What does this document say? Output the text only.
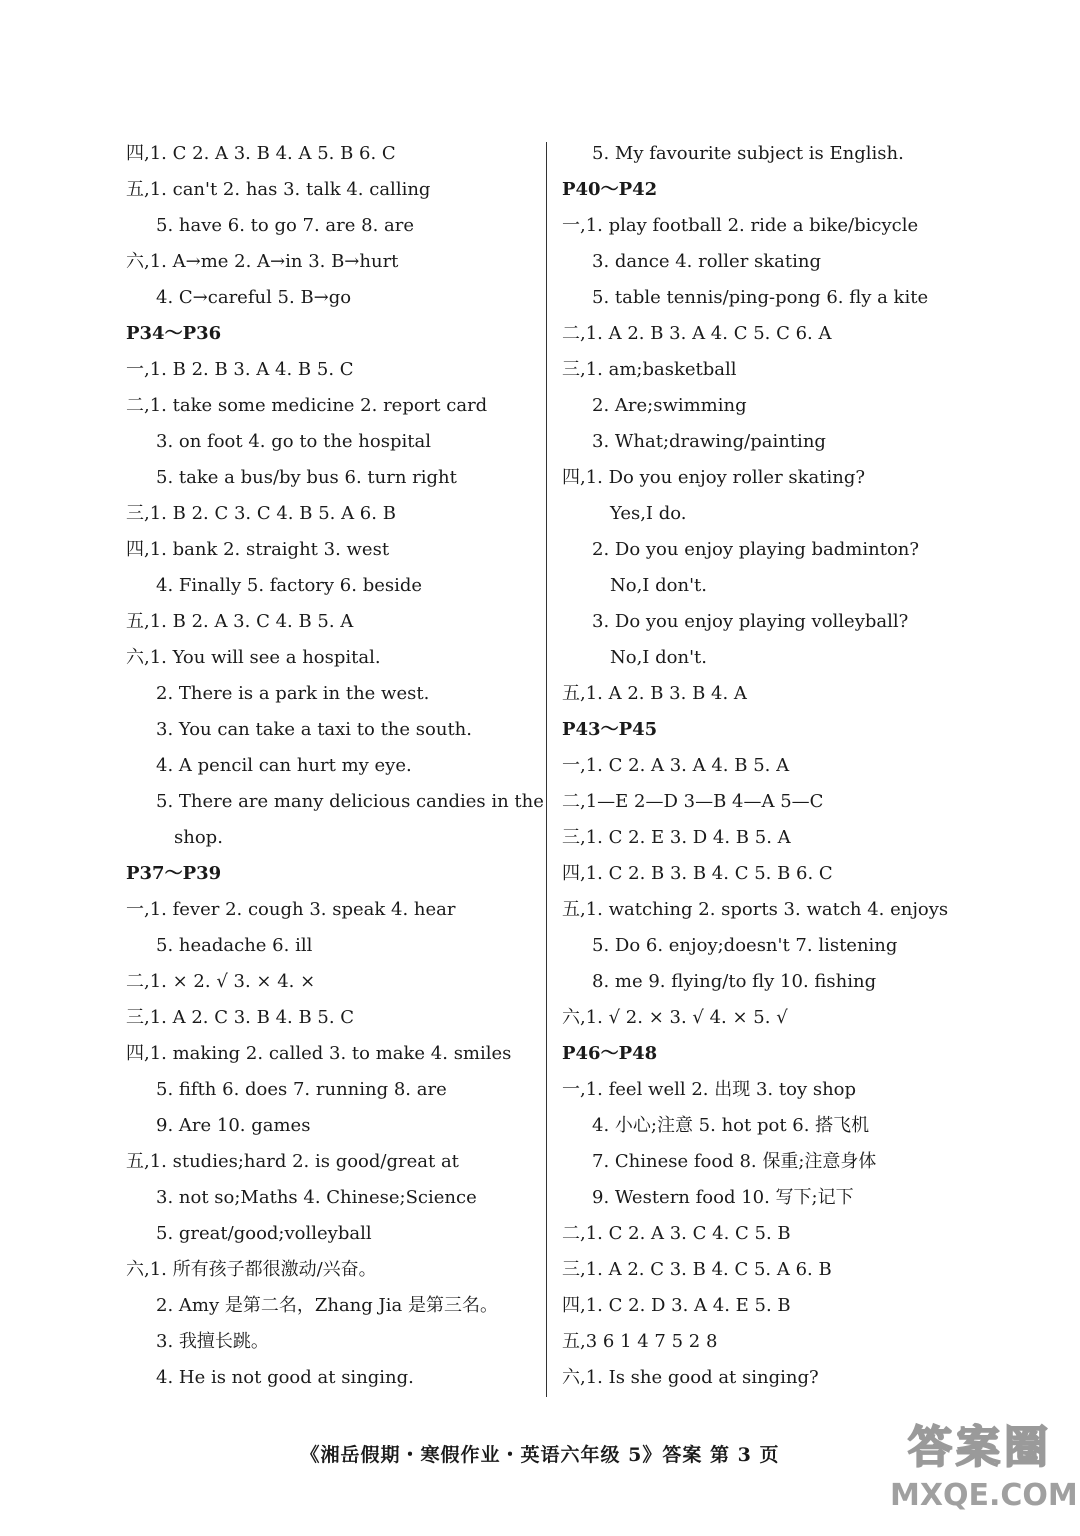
四,1. C 2. A 3. B 4. A 5. B 6. C
五,1. can't 2. has 3. talk 4. calling
5. have 6. to go 7. are 8. are
六,1. A→me 2. A→in 3. B→hurt
4. C→careful 5. B→go
P34～P36
一,1. B 2. B 3. A 4. B 5. C
二,1. take some medicine 2. report card
3. on foot 4. go to the hospital
5. take a bus/by bus 6. turn right
三,1. B 2. C 3. C 4. B 5. A 6. B
四,1. bank 2. straight 3. west
4. Finally 5. factory 6. beside
五,1. B 2. A 3. C 4. B 5. A
六,1. You will see a hospital.
2. There is a park in the west.
3. You can take a taxi to the south.
4. A pencil can hurt my eye.
5. There are many delicious candies in the
shop.
P37～P39
一,1. fever 2. cough 3. speak 4. hear
5. headache 6. ill
二,1. × 2. √ 3. × 4. ×
三,1. A 2. C 3. B 4. B 5. C
四,1. making 2. called 3. to make 4. smiles
5. fifth 6. does 7. running 8. are
9. Are 10. games
五,1. studies;hard 2. is good/great at
3. not so;Maths 4. Chinese;Science
5. great/good;volleyball
六,1. 所有孩子都很激动/兴奋。
2. Amy 是第二名，Zhang Jia 是第三名。
3. 我擅长跳。
4. He is not good at singing.
5. My favourite subject is English.
P40～P42
一,1. play football 2. ride a bike/bicycle
3. dance 4. roller skating
5. table tennis/ping-pong 6. fly a kite
二,1. A 2. B 3. A 4. C 5. C 6. A
三,1. am;basketball
2. Are;swimming
3. What;drawing/painting
四,1. Do you enjoy roller skating?
Yes,I do.
2. Do you enjoy playing badminton?
No,I don't.
3. Do you enjoy playing volleyball?
No,I don't.
五,1. A 2. B 3. B 4. A
P43～P45
一,1. C 2. A 3. A 4. B 5. A
二,1—E 2—D 3—B 4—A 5—C
三,1. C 2. E 3. D 4. B 5. A
四,1. C 2. B 3. B 4. C 5. B 6. C
五,1. watching 2. sports 3. watch 4. enjoys
5. Do 6. enjoy;doesn't 7. listening
8. me 9. flying/to fly 10. fishing
六,1. √ 2. × 3. √ 4. × 5. √
P46～P48
一,1. feel well 2. 出现 3. toy shop
4. 小心;注意 5. hot pot 6. 搭飞机
7. Chinese food 8. 保重;注意身体
9. Western food 10. 写下;记下
二,1. C 2. A 3. C 4. C 5. B
三,1. A 2. C 3. B 4. C 5. A 6. B
四,1. C 2. D 3. A 4. E 5. B
五,3 6 1 4 7 5 2 8
六,1. Is she good at singing?
《湘岳假期・寒假作业・英语六年级 5》答案 第 3 页	答案圈
MXQE.COM
